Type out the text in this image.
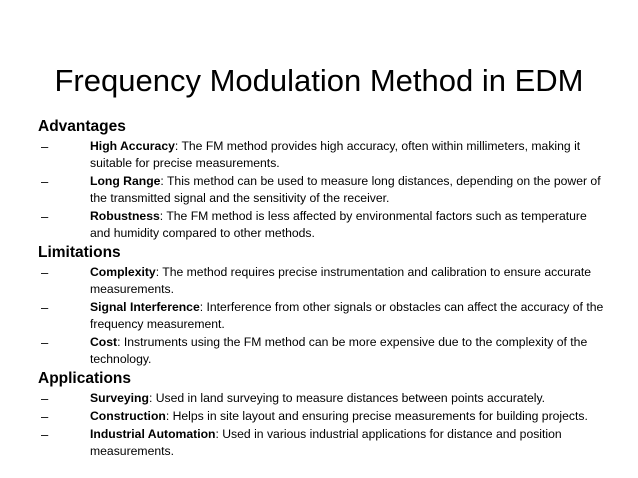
Frequency Modulation Method in EDM
Advantages
–	High Accuracy: The FM method provides high accuracy, often within millimeters, making it suitable for precise measurements.
–	Long Range: This method can be used to measure long distances, depending on the power of the transmitted signal and the sensitivity of the receiver.
–	Robustness: The FM method is less affected by environmental factors such as temperature and humidity compared to other methods.
Limitations
–	Complexity: The method requires precise instrumentation and calibration to ensure accurate measurements.
–	Signal Interference: Interference from other signals or obstacles can affect the accuracy of the frequency measurement.
–	Cost: Instruments using the FM method can be more expensive due to the complexity of the technology.
Applications
–	Surveying: Used in land surveying to measure distances between points accurately.
–	Construction: Helps in site layout and ensuring precise measurements for building projects.
–	Industrial Automation: Used in various industrial applications for distance and position measurements.
